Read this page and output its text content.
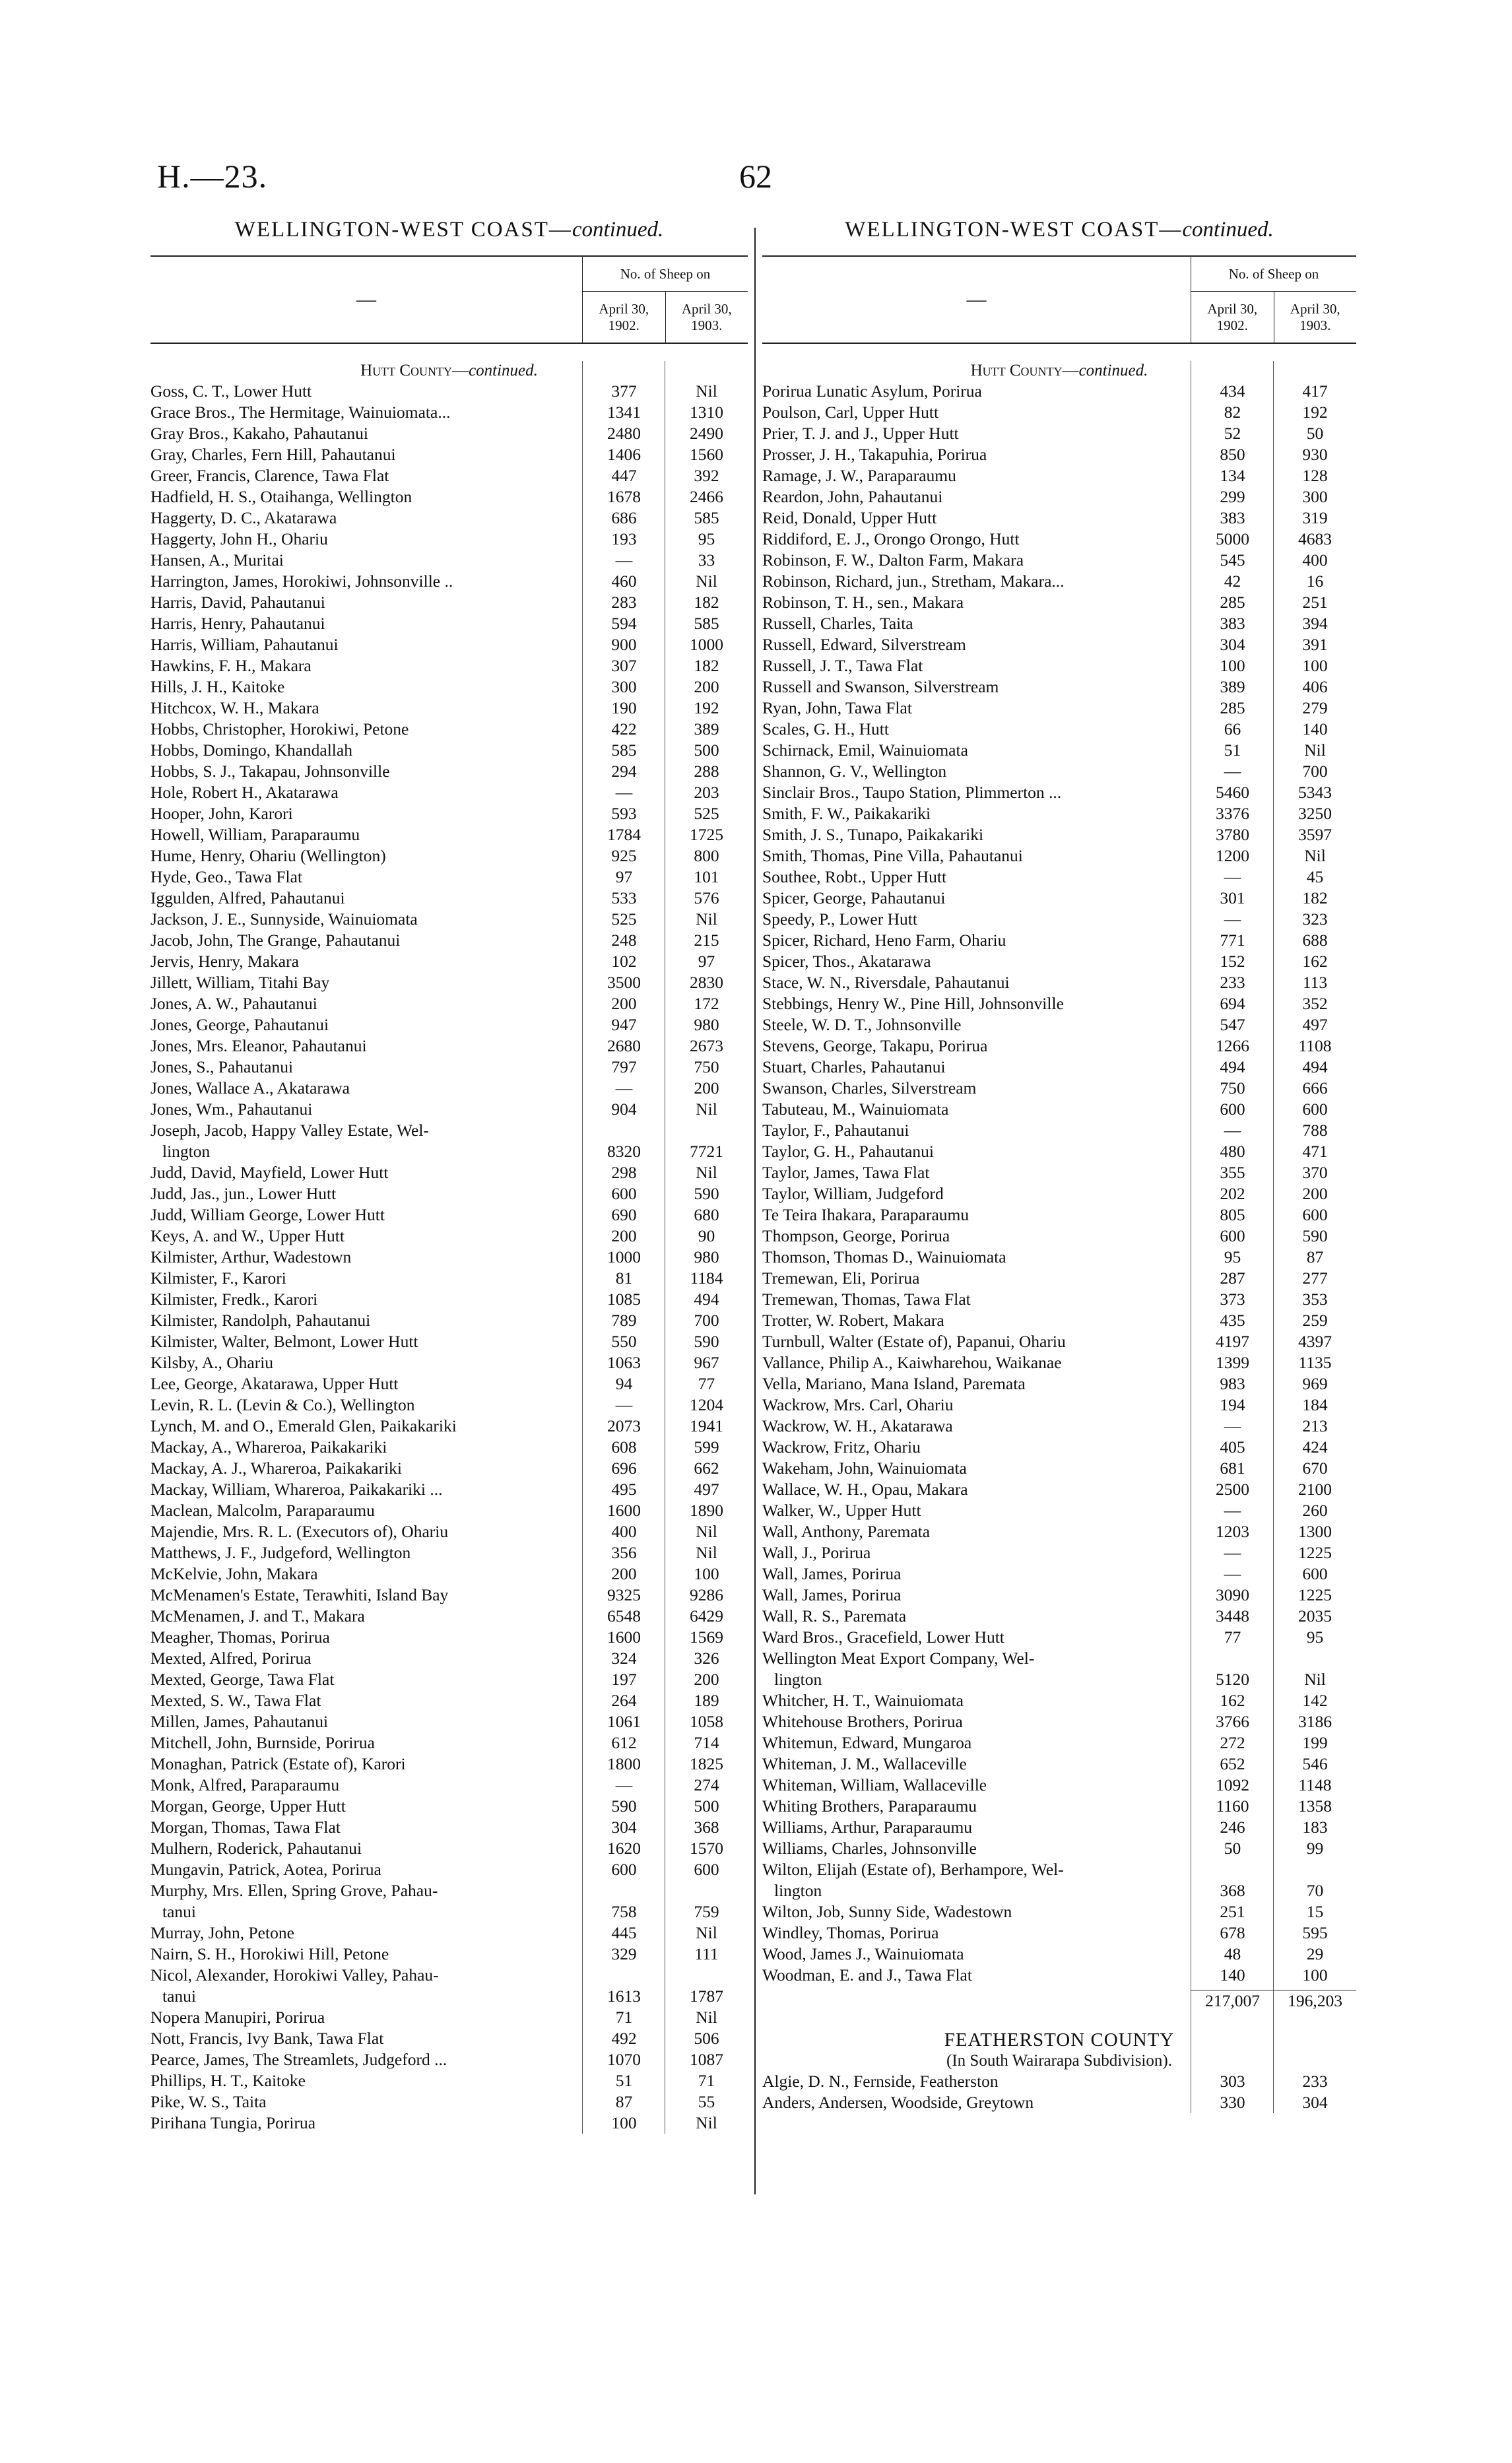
H.—23.	62
WELLINGTON-WEST COAST—continued.
—
No. of Sheep on
April 30, 1902.
April 30, 1903.
Hutt County—continued.
Goss, C. T., Lower Hutt	377	Nil
Grace Bros., The Hermitage, Wainuiomata...	1341	1310
Gray Bros., Kakaho, Pahautanui	2480	2490
Gray, Charles, Fern Hill, Pahautanui	1406	1560
Greer, Francis, Clarence, Tawa Flat	447	392
Hadfield, H. S., Otaihanga, Wellington	1678	2466
Haggerty, D. C., Akatarawa	686	585
Haggerty, John H., Ohariu	193	95
Hansen, A., Muritai	—	33
Harrington, James, Horokiwi, Johnsonville ..	460	Nil
Harris, David, Pahautanui	283	182
Harris, Henry, Pahautanui	594	585
Harris, William, Pahautanui	900	1000
Hawkins, F. H., Makara	307	182
Hills, J. H., Kaitoke	300	200
Hitchcox, W. H., Makara	190	192
Hobbs, Christopher, Horokiwi, Petone	422	389
Hobbs, Domingo, Khandallah	585	500
Hobbs, S. J., Takapau, Johnsonville	294	288
Hole, Robert H., Akatarawa	—	203
Hooper, John, Karori	593	525
Howell, William, Paraparaumu	1784	1725
Hume, Henry, Ohariu (Wellington)	925	800
Hyde, Geo., Tawa Flat	97	101
Iggulden, Alfred, Pahautanui	533	576
Jackson, J. E., Sunnyside, Wainuiomata	525	Nil
Jacob, John, The Grange, Pahautanui	248	215
Jervis, Henry, Makara	102	97
Jillett, William, Titahi Bay	3500	2830
Jones, A. W., Pahautanui	200	172
Jones, George, Pahautanui	947	980
Jones, Mrs. Eleanor, Pahautanui	2680	2673
Jones, S., Pahautanui	797	750
Jones, Wallace A., Akatarawa	—	200
Jones, Wm., Pahautanui	904	Nil
Joseph, Jacob, Happy Valley Estate, Wel-
lington	8320	7721
Judd, David, Mayfield, Lower Hutt	298	Nil
Judd, Jas., jun., Lower Hutt	600	590
Judd, William George, Lower Hutt	690	680
Keys, A. and W., Upper Hutt	200	90
Kilmister, Arthur, Wadestown	1000	980
Kilmister, F., Karori	81	1184
Kilmister, Fredk., Karori	1085	494
Kilmister, Randolph, Pahautanui	789	700
Kilmister, Walter, Belmont, Lower Hutt	550	590
Kilsby, A., Ohariu	1063	967
Lee, George, Akatarawa, Upper Hutt	94	77
Levin, R. L. (Levin & Co.), Wellington	—	1204
Lynch, M. and O., Emerald Glen, Paikakariki	2073	1941
Mackay, A., Whareroa, Paikakariki	608	599
Mackay, A. J., Whareroa, Paikakariki	696	662
Mackay, William, Whareroa, Paikakariki ...	495	497
Maclean, Malcolm, Paraparaumu	1600	1890
Majendie, Mrs. R. L. (Executors of), Ohariu	400	Nil
Matthews, J. F., Judgeford, Wellington	356	Nil
McKelvie, John, Makara	200	100
McMenamen's Estate, Terawhiti, Island Bay	9325	9286
McMenamen, J. and T., Makara	6548	6429
Meagher, Thomas, Porirua	1600	1569
Mexted, Alfred, Porirua	324	326
Mexted, George, Tawa Flat	197	200
Mexted, S. W., Tawa Flat	264	189
Millen, James, Pahautanui	1061	1058
Mitchell, John, Burnside, Porirua	612	714
Monaghan, Patrick (Estate of), Karori	1800	1825
Monk, Alfred, Paraparaumu	—	274
Morgan, George, Upper Hutt	590	500
Morgan, Thomas, Tawa Flat	304	368
Mulhern, Roderick, Pahautanui	1620	1570
Mungavin, Patrick, Aotea, Porirua	600	600
Murphy, Mrs. Ellen, Spring Grove, Pahau-
tanui	758	759
Murray, John, Petone	445	Nil
Nairn, S. H., Horokiwi Hill, Petone	329	111
Nicol, Alexander, Horokiwi Valley, Pahau-
tanui	1613	1787
Nopera Manupiri, Porirua	71	Nil
Nott, Francis, Ivy Bank, Tawa Flat	492	506
Pearce, James, The Streamlets, Judgeford ...	1070	1087
Phillips, H. T., Kaitoke	51	71
Pike, W. S., Taita	87	55
Pirihana Tungia, Porirua	100	Nil
WELLINGTON-WEST COAST—continued.
—
No. of Sheep on
April 30, 1902.
April 30, 1903.
Hutt County—continued.
Porirua Lunatic Asylum, Porirua	434	417
Poulson, Carl, Upper Hutt	82	192
Prier, T. J. and J., Upper Hutt	52	50
Prosser, J. H., Takapuhia, Porirua	850	930
Ramage, J. W., Paraparaumu	134	128
Reardon, John, Pahautanui	299	300
Reid, Donald, Upper Hutt	383	319
Riddiford, E. J., Orongo Orongo, Hutt	5000	4683
Robinson, F. W., Dalton Farm, Makara	545	400
Robinson, Richard, jun., Stretham, Makara...	42	16
Robinson, T. H., sen., Makara	285	251
Russell, Charles, Taita	383	394
Russell, Edward, Silverstream	304	391
Russell, J. T., Tawa Flat	100	100
Russell and Swanson, Silverstream	389	406
Ryan, John, Tawa Flat	285	279
Scales, G. H., Hutt	66	140
Schirnack, Emil, Wainuiomata	51	Nil
Shannon, G. V., Wellington	—	700
Sinclair Bros., Taupo Station, Plimmerton ...	5460	5343
Smith, F. W., Paikakariki	3376	3250
Smith, J. S., Tunapo, Paikakariki	3780	3597
Smith, Thomas, Pine Villa, Pahautanui	1200	Nil
Southee, Robt., Upper Hutt	—	45
Spicer, George, Pahautanui	301	182
Speedy, P., Lower Hutt	—	323
Spicer, Richard, Heno Farm, Ohariu	771	688
Spicer, Thos., Akatarawa	152	162
Stace, W. N., Riversdale, Pahautanui	233	113
Stebbings, Henry W., Pine Hill, Johnsonville	694	352
Steele, W. D. T., Johnsonville	547	497
Stevens, George, Takapu, Porirua	1266	1108
Stuart, Charles, Pahautanui	494	494
Swanson, Charles, Silverstream	750	666
Tabuteau, M., Wainuiomata	600	600
Taylor, F., Pahautanui	—	788
Taylor, G. H., Pahautanui	480	471
Taylor, James, Tawa Flat	355	370
Taylor, William, Judgeford	202	200
Te Teira Ihakara, Paraparaumu	805	600
Thompson, George, Porirua	600	590
Thomson, Thomas D., Wainuiomata	95	87
Tremewan, Eli, Porirua	287	277
Tremewan, Thomas, Tawa Flat	373	353
Trotter, W. Robert, Makara	435	259
Turnbull, Walter (Estate of), Papanui, Ohariu	4197	4397
Vallance, Philip A., Kaiwharehou, Waikanae	1399	1135
Vella, Mariano, Mana Island, Paremata	983	969
Wackrow, Mrs. Carl, Ohariu	194	184
Wackrow, W. H., Akatarawa	—	213
Wackrow, Fritz, Ohariu	405	424
Wakeham, John, Wainuiomata	681	670
Wallace, W. H., Opau, Makara	2500	2100
Walker, W., Upper Hutt	—	260
Wall, Anthony, Paremata	1203	1300
Wall, J., Porirua	—	1225
Wall, James, Porirua	—	600
Wall, James, Porirua	3090	1225
Wall, R. S., Paremata	3448	2035
Ward Bros., Gracefield, Lower Hutt	77	95
Wellington Meat Export Company, Wel-
lington	5120	Nil
Whitcher, H. T., Wainuiomata	162	142
Whitehouse Brothers, Porirua	3766	3186
Whitemun, Edward, Mungaroa	272	199
Whiteman, J. M., Wallaceville	652	546
Whiteman, William, Wallaceville	1092	1148
Whiting Brothers, Paraparaumu	1160	1358
Williams, Arthur, Paraparaumu	246	183
Williams, Charles, Johnsonville	50	99
Wilton, Elijah (Estate of), Berhampore, Wel-
lington	368	70
Wilton, Job, Sunny Side, Wadestown	251	15
Windley, Thomas, Porirua	678	595
Wood, James J., Wainuiomata	48	29
Woodman, E. and J., Tawa Flat	140	100
217,007	196,203
FEATHERSTON COUNTY
(In South Wairarapa Subdivision).
Algie, D. N., Fernside, Featherston	303	233
Anders, Andersen, Woodside, Greytown	330	304
